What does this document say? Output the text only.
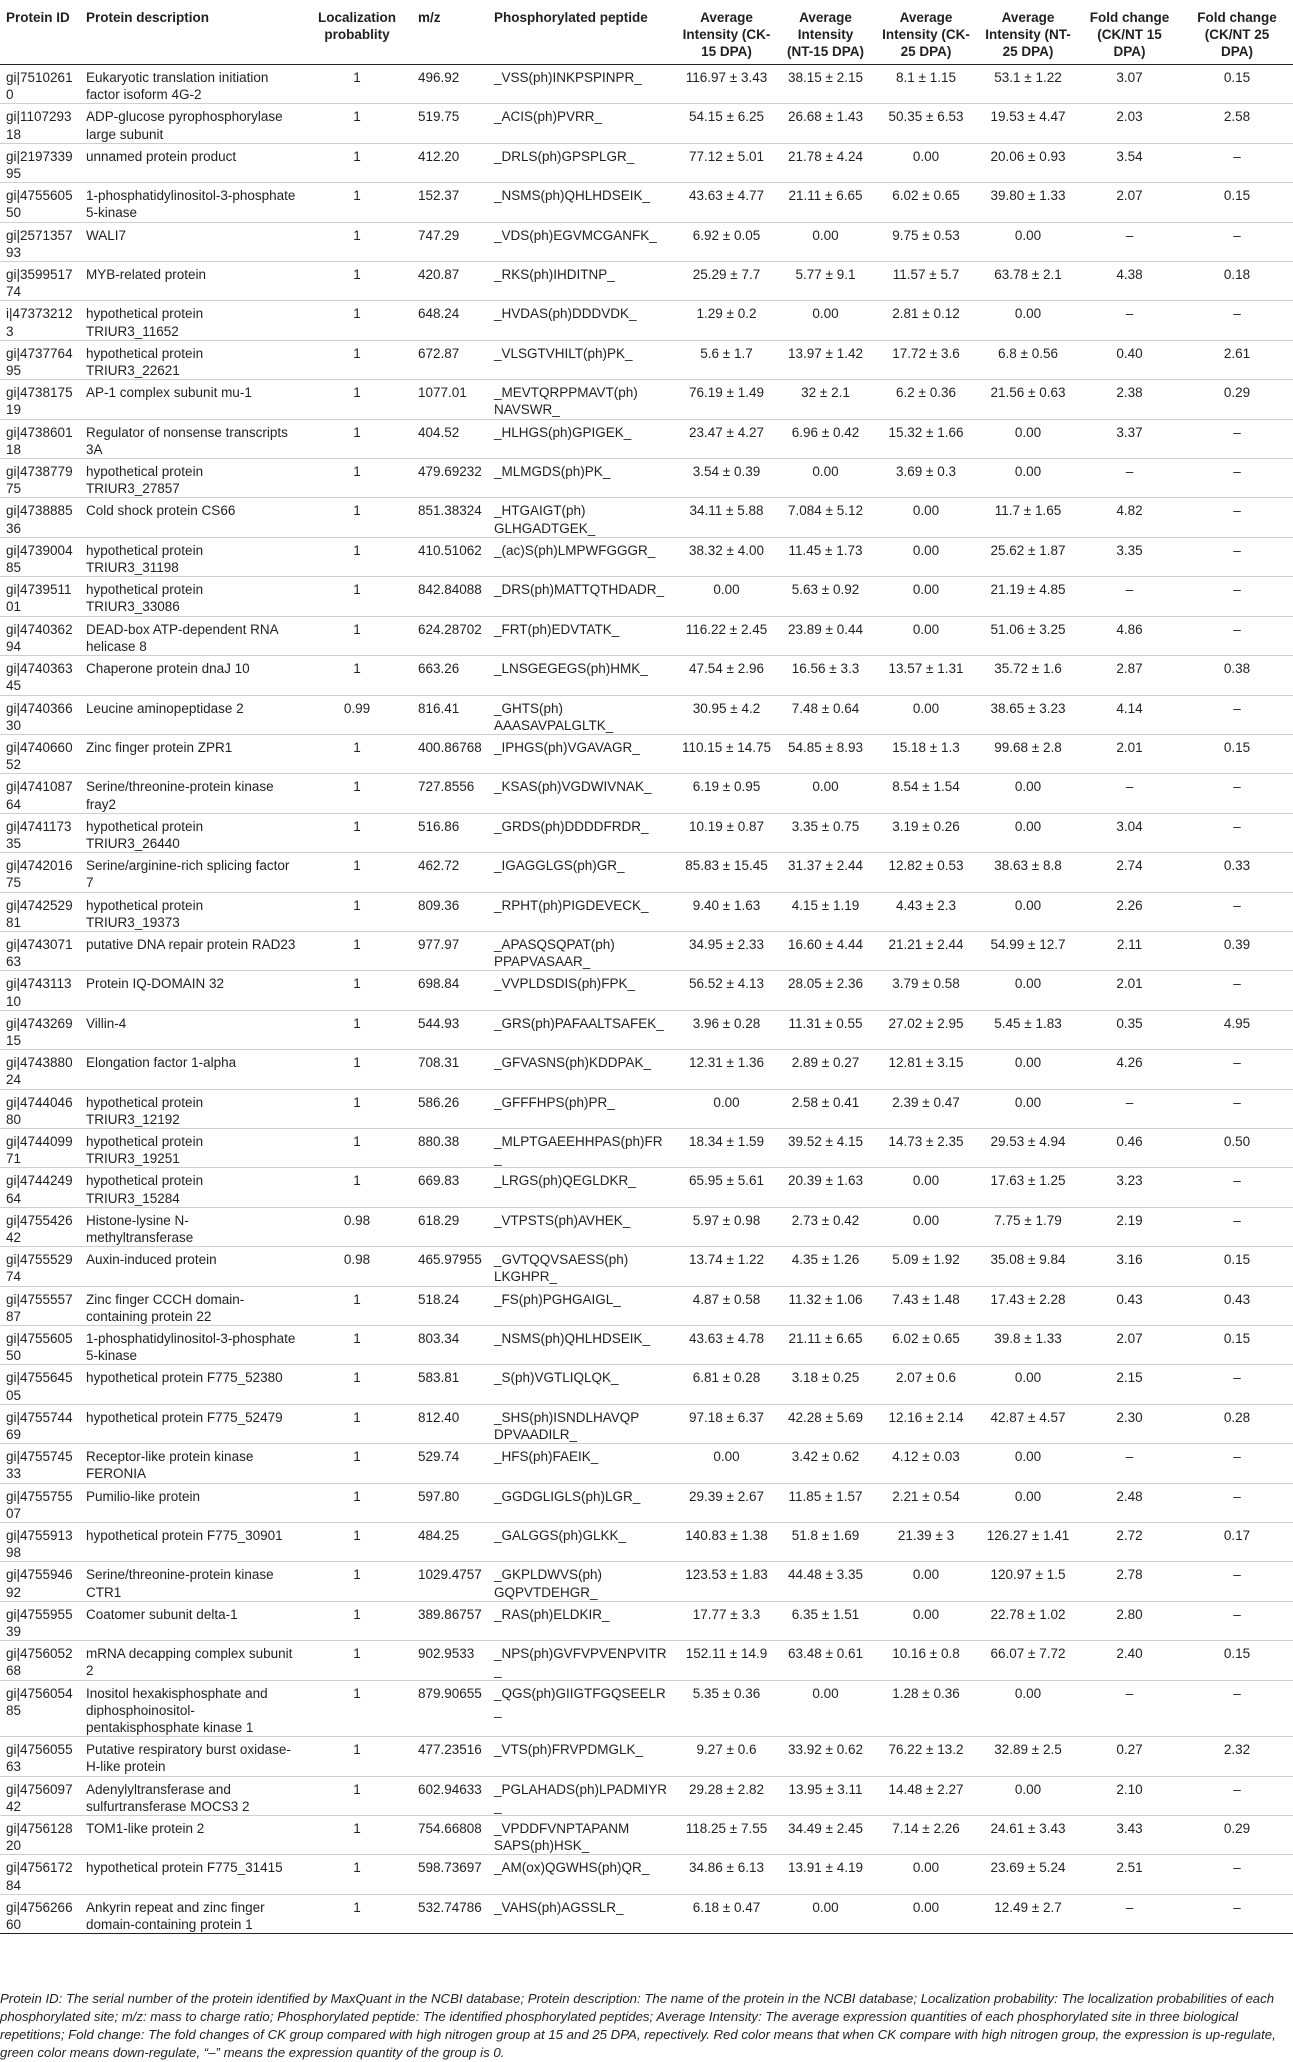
Protein ID	Protein description	Localization probablity	m/z	Phosphorylated peptide	Average Intensity (CK-15 DPA)	Average Intensity (NT-15 DPA)	Average Intensity (CK-25 DPA)	Average Intensity (NT-25 DPA)	Fold change (CK/NT 15 DPA)	Fold change (CK/NT 25 DPA)
gi|75102610	Eukaryotic translation initiation factor isoform 4G-2	1	496.92	_VSS(ph)INKPSPINPR_	116.97 ± 3.43	38.15 ± 2.15	8.1 ± 1.15	53.1 ± 1.22	3.07	0.15
gi|110729318	ADP-glucose pyrophosphorylase large subunit	1	519.75	_ACIS(ph)PVRR_	54.15 ± 6.25	26.68 ± 1.43	50.35 ± 6.53	19.53 ± 4.47	2.03	2.58
gi|219733995	unnamed protein product	1	412.20	_DRLS(ph)GPSPLGR_	77.12 ± 5.01	21.78 ± 4.24	0.00	20.06 ± 0.93	3.54	–
gi|475560550	1-phosphatidylinositol-3-phosphate 5-kinase	1	152.37	_NSMS(ph)QHLHDSEIK_	43.63 ± 4.77	21.11 ± 6.65	6.02 ± 0.65	39.80 ± 1.33	2.07	0.15
gi|257135793	WALI7	1	747.29	_VDS(ph)EGVMCGANFK_	6.92 ± 0.05	0.00	9.75 ± 0.53	0.00	–	–
gi|359951774	MYB-related protein	1	420.87	_RKS(ph)IHDITNP_	25.29 ± 7.7	5.77 ± 9.1	11.57 ± 5.7	63.78 ± 2.1	4.38	0.18
i|473732123	hypothetical protein TRIUR3_11652	1	648.24	_HVDAS(ph)DDDVDK_	1.29 ± 0.2	0.00	2.81 ± 0.12	0.00	–	–
gi|473776495	hypothetical protein TRIUR3_22621	1	672.87	_VLSGTVHILT(ph)PK_	5.6 ± 1.7	13.97 ± 1.42	17.72 ± 3.6	6.8 ± 0.56	0.40	2.61
gi|473817519	AP-1 complex subunit mu-1	1	1077.01	_MEVTQRPPMAVT(ph) NAVSWR_	76.19 ± 1.49	32 ± 2.1	6.2 ± 0.36	21.56 ± 0.63	2.38	0.29
gi|473860118	Regulator of nonsense transcripts 3A	1	404.52	_HLHGS(ph)GPIGEK_	23.47 ± 4.27	6.96 ± 0.42	15.32 ± 1.66	0.00	3.37	–
gi|473877975	hypothetical protein TRIUR3_27857	1	479.69232	_MLMGDS(ph)PK_	3.54 ± 0.39	0.00	3.69 ± 0.3	0.00	–	–
gi|473888536	Cold shock protein CS66	1	851.38324	_HTGAIGT(ph) GLHGADTGEK_	34.11 ± 5.88	7.084 ± 5.12	0.00	11.7 ± 1.65	4.82	–
gi|473900485	hypothetical protein TRIUR3_31198	1	410.51062	_(ac)S(ph)LMPWFGGGR_	38.32 ± 4.00	11.45 ± 1.73	0.00	25.62 ± 1.87	3.35	–
gi|473951101	hypothetical protein TRIUR3_33086	1	842.84088	_DRS(ph)MATTQTHDADR_	0.00	5.63 ± 0.92	0.00	21.19 ± 4.85	–	–
gi|474036294	DEAD-box ATP-dependent RNA helicase 8	1	624.28702	_FRT(ph)EDVTATK_	116.22 ± 2.45	23.89 ± 0.44	0.00	51.06 ± 3.25	4.86	–
gi|474036345	Chaperone protein dnaJ 10	1	663.26	_LNSGEGEGS(ph)HMK_	47.54 ± 2.96	16.56 ± 3.3	13.57 ± 1.31	35.72 ± 1.6	2.87	0.38
gi|474036630	Leucine aminopeptidase 2	0.99	816.41	_GHTS(ph) AAASAVPALGLTK_	30.95 ± 4.2	7.48 ± 0.64	0.00	38.65 ± 3.23	4.14	–
gi|474066052	Zinc finger protein ZPR1	1	400.86768	_IPHGS(ph)VGAVAGR_	110.15 ± 14.75	54.85 ± 8.93	15.18 ± 1.3	99.68 ± 2.8	2.01	0.15
gi|474108764	Serine/threonine-protein kinase fray2	1	727.8556	_KSAS(ph)VGDWIVNAK_	6.19 ± 0.95	0.00	8.54 ± 1.54	0.00	–	–
gi|474117335	hypothetical protein TRIUR3_26440	1	516.86	_GRDS(ph)DDDDFRDR_	10.19 ± 0.87	3.35 ± 0.75	3.19 ± 0.26	0.00	3.04	–
gi|474201675	Serine/arginine-rich splicing factor 7	1	462.72	_IGAGGLGS(ph)GR_	85.83 ± 15.45	31.37 ± 2.44	12.82 ± 0.53	38.63 ± 8.8	2.74	0.33
gi|474252981	hypothetical protein TRIUR3_19373	1	809.36	_RPHT(ph)PIGDEVECK_	9.40 ± 1.63	4.15 ± 1.19	4.43 ± 2.3	0.00	2.26	–
gi|474307163	putative DNA repair protein RAD23	1	977.97	_APASQSQPAT(ph) PPAPVASAAR_	34.95 ± 2.33	16.60 ± 4.44	21.21 ± 2.44	54.99 ± 12.7	2.11	0.39
gi|474311310	Protein IQ-DOMAIN 32	1	698.84	_VVPLDSDIS(ph)FPK_	56.52 ± 4.13	28.05 ± 2.36	3.79 ± 0.58	0.00	2.01	–
gi|474326915	Villin-4	1	544.93	_GRS(ph)PAFAALTSAFEK_	3.96 ± 0.28	11.31 ± 0.55	27.02 ± 2.95	5.45 ± 1.83	0.35	4.95
gi|474388024	Elongation factor 1-alpha	1	708.31	_GFVASNS(ph)KDDPAK_	12.31 ± 1.36	2.89 ± 0.27	12.81 ± 3.15	0.00	4.26	–
gi|474404680	hypothetical protein TRIUR3_12192	1	586.26	_GFFFHPS(ph)PR_	0.00	2.58 ± 0.41	2.39 ± 0.47	0.00	–	–
gi|474409971	hypothetical protein TRIUR3_19251	1	880.38	_MLPTGAEEHHPAS(ph)FR_	18.34 ± 1.59	39.52 ± 4.15	14.73 ± 2.35	29.53 ± 4.94	0.46	0.50
gi|474424964	hypothetical protein TRIUR3_15284	1	669.83	_LRGS(ph)QEGLDKR_	65.95 ± 5.61	20.39 ± 1.63	0.00	17.63 ± 1.25	3.23	–
gi|475542642	Histone-lysine N-methyltransferase	0.98	618.29	_VTPSTS(ph)AVHEK_	5.97 ± 0.98	2.73 ± 0.42	0.00	7.75 ± 1.79	2.19	–
gi|475552974	Auxin-induced protein	0.98	465.97955	_GVTQQVSAESS(ph) LKGHPR_	13.74 ± 1.22	4.35 ± 1.26	5.09 ± 1.92	35.08 ± 9.84	3.16	0.15
gi|475555787	Zinc finger CCCH domain-containing protein 22	1	518.24	_FS(ph)PGHGAIGL_	4.87 ± 0.58	11.32 ± 1.06	7.43 ± 1.48	17.43 ± 2.28	0.43	0.43
gi|475560550	1-phosphatidylinositol-3-phosphate 5-kinase	1	803.34	_NSMS(ph)QHLHDSEIK_	43.63 ± 4.78	21.11 ± 6.65	6.02 ± 0.65	39.8 ± 1.33	2.07	0.15
gi|475564505	hypothetical protein F775_52380	1	583.81	_S(ph)VGTLIQLQK_	6.81 ± 0.28	3.18 ± 0.25	2.07 ± 0.6	0.00	2.15	–
gi|475574469	hypothetical protein F775_52479	1	812.40	_SHS(ph)ISNDLHAVQP DPVAADILR_	97.18 ± 6.37	42.28 ± 5.69	12.16 ± 2.14	42.87 ± 4.57	2.30	0.28
gi|475574533	Receptor-like protein kinase FERONIA	1	529.74	_HFS(ph)FAEIK_	0.00	3.42 ± 0.62	4.12 ± 0.03	0.00	–	–
gi|475575507	Pumilio-like protein	1	597.80	_GGDGLIGLS(ph)LGR_	29.39 ± 2.67	11.85 ± 1.57	2.21 ± 0.54	0.00	2.48	–
gi|475591398	hypothetical protein F775_30901	1	484.25	_GALGGS(ph)GLKK_	140.83 ± 1.38	51.8 ± 1.69	21.39 ± 3	126.27 ± 1.41	2.72	0.17
gi|475594692	Serine/threonine-protein kinase CTR1	1	1029.4757	_GKPLDWVS(ph) GQPVTDEHGR_	123.53 ± 1.83	44.48 ± 3.35	0.00	120.97 ± 1.5	2.78	–
gi|475595539	Coatomer subunit delta-1	1	389.86757	_RAS(ph)ELDKIR_	17.77 ± 3.3	6.35 ± 1.51	0.00	22.78 ± 1.02	2.80	–
gi|475605268	mRNA decapping complex subunit 2	1	902.9533	_NPS(ph)GVFVPVENPVITR_	152.11 ± 14.9	63.48 ± 0.61	10.16 ± 0.8	66.07 ± 7.72	2.40	0.15
gi|475605485	Inositol hexakisphosphate and diphosphoinositol-pentakisphosphate kinase 1	1	879.90655	_QGS(ph)GIIGTFGQSEELR_	5.35 ± 0.36	0.00	1.28 ± 0.36	0.00	–	–
gi|475605563	Putative respiratory burst oxidase-H-like protein	1	477.23516	_VTS(ph)FRVPDMGLK_	9.27 ± 0.6	33.92 ± 0.62	76.22 ± 13.2	32.89 ± 2.5	0.27	2.32
gi|475609742	Adenylyltransferase and sulfurtransferase MOCS3 2	1	602.94633	_PGLAHADS(ph)LPADMIYR_	29.28 ± 2.82	13.95 ± 3.11	14.48 ± 2.27	0.00	2.10	–
gi|475612820	TOM1-like protein 2	1	754.66808	_VPDDFVNPTAPANM SAPS(ph)HSK_	118.25 ± 7.55	34.49 ± 2.45	7.14 ± 2.26	24.61 ± 3.43	3.43	0.29
gi|475617284	hypothetical protein F775_31415	1	598.73697	_AM(ox)QGWHS(ph)QR_	34.86 ± 6.13	13.91 ± 4.19	0.00	23.69 ± 5.24	2.51	–
gi|475626660	Ankyrin repeat and zinc finger domain-containing protein 1	1	532.74786	_VAHS(ph)AGSSLR_	6.18 ± 0.47	0.00	0.00	12.49 ± 2.7	–	–

Protein ID: The serial number of the protein identified by MaxQuant in the NCBI database; Protein description: The name of the protein in the NCBI database; Localization probability: The localization probabilities of each phosphorylated site; m/z: mass to charge ratio; Phosphorylated peptide: The identified phosphorylated peptides; Average Intensity: The average expression quantities of each phosphorylated site in three biological repetitions; Fold change: The fold changes of CK group compared with high nitrogen group at 15 and 25 DPA, repectively. Red color means that when CK compare with high nitrogen group, the expression is up-regulate, green color means down-regulate, “–” means the expression quantity of the group is 0.
